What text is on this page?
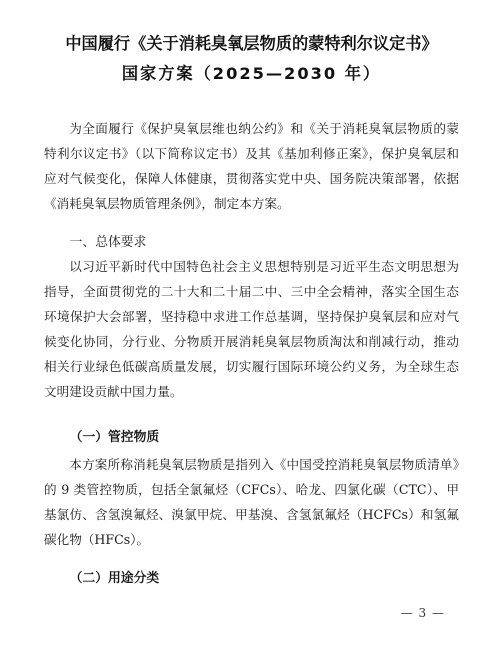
中国履行《关于消耗臭氧层物质的蒙特利尔议定书》
国家方案（2025—2030 年）

为全面履行《保护臭氧层维也纳公约》和《关于消耗臭氧层物质的蒙特利尔议定书》（以下简称议定书）及其《基加利修正案》，保护臭氧层和应对气候变化，保障人体健康，贯彻落实党中央、国务院决策部署，依据《消耗臭氧层物质管理条例》，制定本方案。

一、总体要求

以习近平新时代中国特色社会主义思想特别是习近平生态文明思想为指导，全面贯彻党的二十大和二十届二中、三中全会精神，落实全国生态环境保护大会部署，坚持稳中求进工作总基调，坚持保护臭氧层和应对气候变化协同，分行业、分物质开展消耗臭氧层物质淘汰和削减行动，推动相关行业绿色低碳高质量发展，切实履行国际环境公约义务，为全球生态文明建设贡献中国力量。

（一）管控物质

本方案所称消耗臭氧层物质是指列入《中国受控消耗臭氧层物质清单》的 9 类管控物质，包括全氯氟烃（CFCs）、哈龙、四氯化碳（CTC）、甲基氯仿、含氢溴氟烃、溴氯甲烷、甲基溴、含氢氯氟烃（HCFCs）和氢氟碳化物（HFCs）。

（二）用途分类

— 3 —
